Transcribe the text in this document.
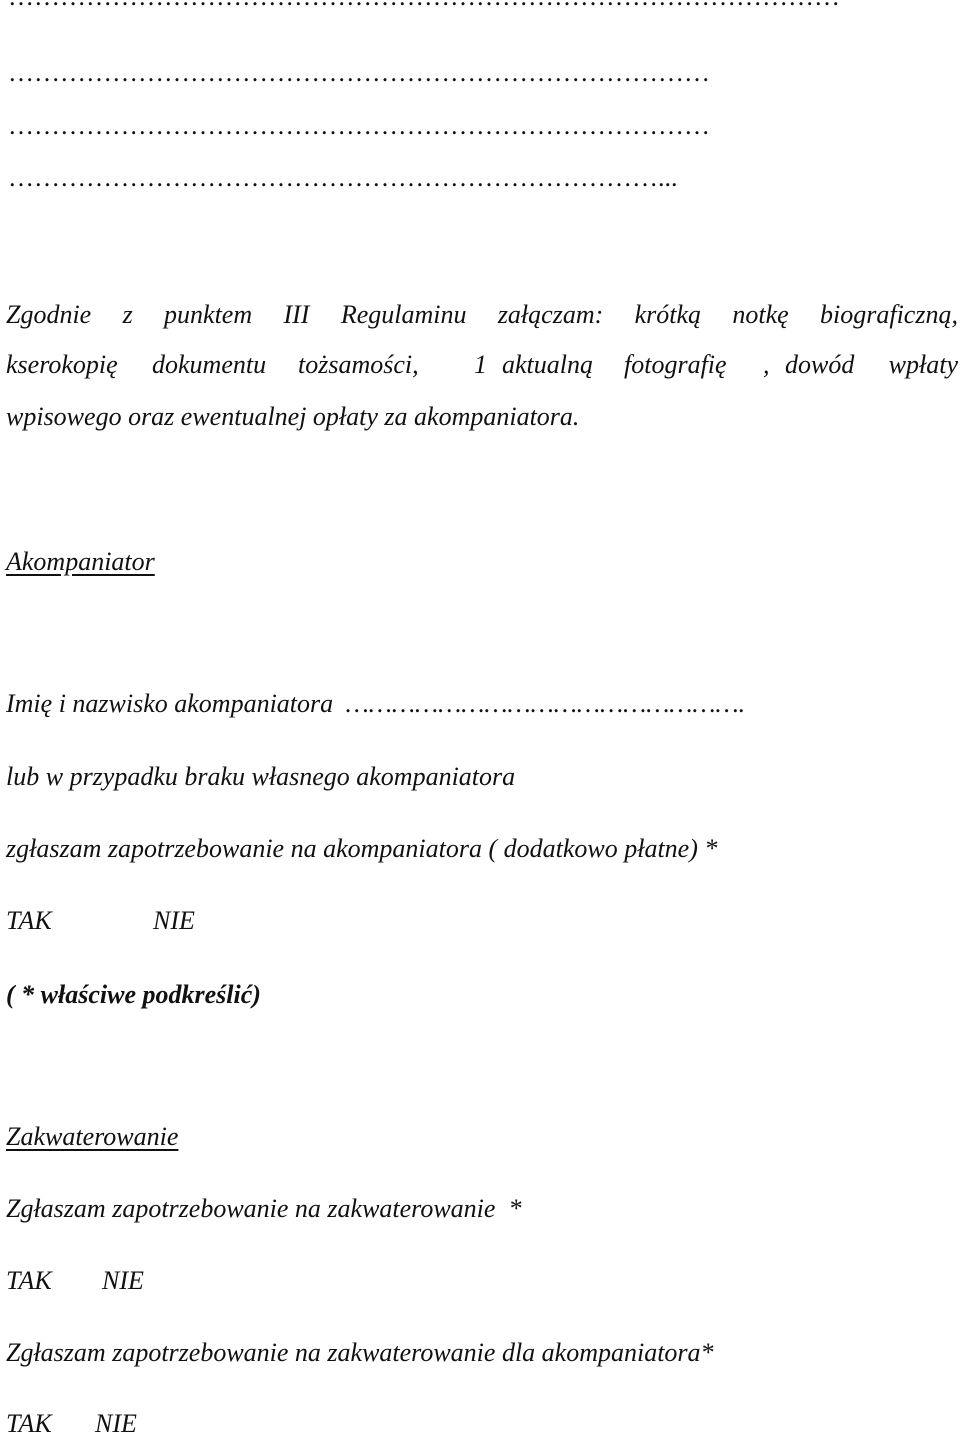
………………………………………………………………………
………………………………………………………………………
…………………………………………………………………...
Zgodnie z punktem III Regulaminu załączam: krótką notkę biograficzną,
kserokopię dokumentu tożsamości, 1 aktualną fotografię , dowód wpłaty
wpisowego oraz ewentualnej opłaty za akompaniatora.
Akompaniator
Imię i nazwisko akompaniatora …………………………………………….
lub w przypadku braku własnego akompaniatora
zgłaszam zapotrzebowanie na akompaniatora ( dodatkowo płatne) *
TAK	NIE
( * właściwe podkreślić)
Zakwaterowanie
Zgłaszam zapotrzebowanie na zakwaterowanie  *
TAK NIE
Zgłaszam zapotrzebowanie na zakwaterowanie dla akompaniatora*
TAK NIE
